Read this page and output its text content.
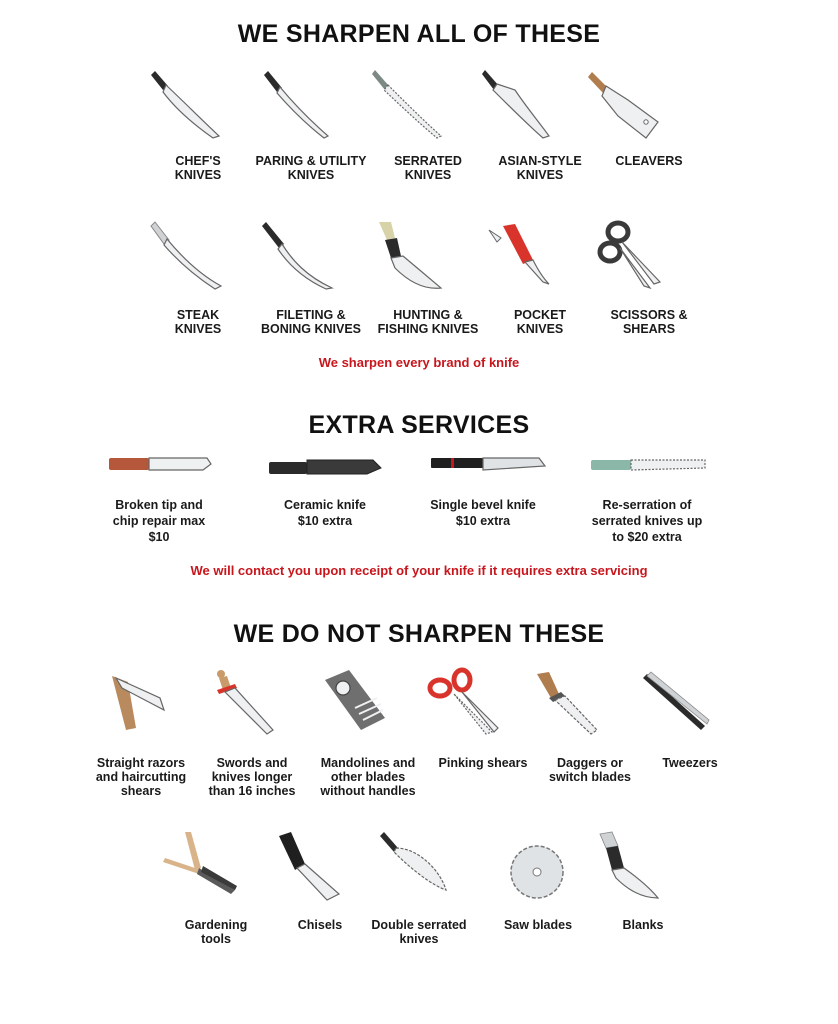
WE SHARPEN ALL OF THESE
CHEF'S
KNIVES
PARING & UTILITY
KNIVES
SERRATED
KNIVES
ASIAN-STYLE
KNIVES
CLEAVERS
STEAK
KNIVES
FILETING &
BONING KNIVES
HUNTING &
FISHING KNIVES
POCKET
KNIVES
SCISSORS &
SHEARS
We sharpen every brand of knife
EXTRA SERVICES
Broken tip and
chip repair max
$10
Ceramic knife
$10 extra
Single bevel knife
$10 extra
Re-serration of
serrated knives up
to $20 extra
We will contact you upon receipt of your knife if it requires extra servicing
WE DO NOT SHARPEN THESE
Straight razors
and haircutting
shears
Swords and
knives longer
than 16 inches
Mandolines and
other blades
without handles
Pinking shears	Daggers or
switch blades
Tweezers
Gardening
tools
Chisels	Double serrated
knives
Saw blades	Blanks
